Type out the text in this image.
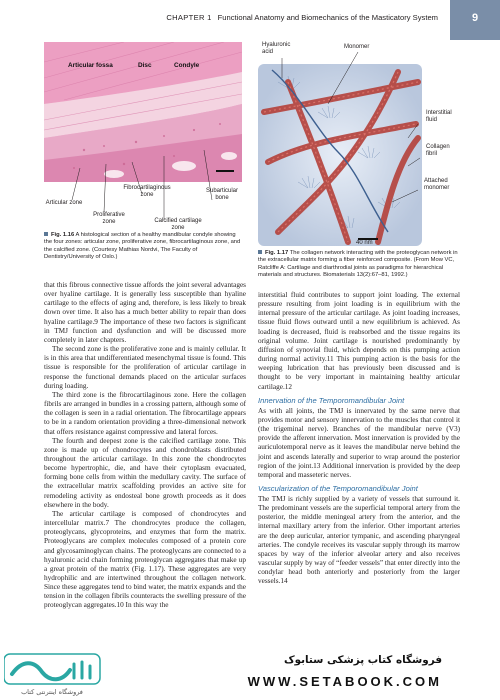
CHAPTER 1 Functional Anatomy and Biomechanics of the Masticatory System	9
Articular fossa	Disc	Condyle
Articular zone
Proliferative zone
Fibrocartilaginous zone
Calcified cartilage zone
Subarticular bone
Fig. 1.16 A histological section of a healthy mandibular condyle showing the four zones: articular zone, proliferative zone, fibrocartilaginous zone, and the calcified zone. (Courtesy Mathias Nordvi, The Faculty of Dentistry/University of Oslo.)
Hyaluronic acid
Monomer
Interstitial fluid
Collagen fibril
Attached monomer
40 nm
Fig. 1.17 The collagen network interacting with the proteoglycan network in the extracellular matrix forming a fiber reinforced composite. (From Mow VC, Ratcliffe A: Cartilage and diarthrodial joints as paradigms for hierarchical materials and structures. Biomaterials 13(2):67–81, 1992.)

that this fibrous connective tissue affords the joint several advantages over hyaline cartilage. It is generally less susceptible than hyaline cartilage to the effects of aging and, therefore, is less likely to break down over time. It also has a much better ability to repair than does hyaline cartilage.9 The importance of these two factors is significant in TMJ function and dysfunction and will be discussed more completely in later chapters.

The second zone is the proliferative zone and is mainly cellular. It is in this area that undifferentiated mesenchymal tissue is found. This tissue is responsible for the proliferation of articular cartilage in response the functional demands placed on the articular surfaces during loading.

The third zone is the fibrocartilaginous zone. Here the collagen fibrils are arranged in bundles in a crossing pattern, although some of the collagen is seen in a radial orientation. The fibrocartilage appears to be in a random orientation providing a three-dimensional network that offers resistance against compressive and lateral forces.

The fourth and deepest zone is the calcified cartilage zone. This zone is made up of chondrocytes and chondroblasts distributed throughout the articular cartilage. In this zone the chondrocytes become hypertrophic, die, and have their cytoplasm evacuated, forming bone cells from within the medullary cavity. The surface of the extracellular matrix scaffolding provides an active site for remodeling activity as endosteal bone growth proceeds as it does elsewhere in the body.

The articular cartilage is composed of chondrocytes and intercellular matrix.7 The chondrocytes produce the collagen, proteoglycans, glycoproteins, and enzymes that form the matrix. Proteoglycans are complex molecules composed of a protein core and glycosaminoglycan chains. The proteoglycans are connected to a hyaluronic acid chain forming proteoglycan aggregates that make up a great protein of the matrix (Fig. 1.17). These aggregates are very hydrophilic and are intertwined throughout the collagen network. Since these aggregates tend to bind water, the matrix expands and the tension in the collagen fibrils counteracts the swelling pressure of the proteoglycan aggregates.10 In this way the

interstitial fluid contributes to support joint loading. The external pressure resulting from joint loading is in equilibrium with the internal pressure of the articular cartilage. As joint loading increases, tissue fluid flows outward until a new equilibrium is achieved. As loading is decreased, fluid is reabsorbed and the tissue regains its original volume. Joint cartilage is nourished predominantly by diffusion of synovial fluid, which depends on this pumping action during normal activity.11 This pumping action is the basis for the weeping lubrication that has previously been discussed and is thought to be very important in maintaining healthy articular cartilage.12

Innervation of the Temporomandibular Joint

As with all joints, the TMJ is innervated by the same nerve that provides motor and sensory innervation to the muscles that control it (the trigeminal nerve). Branches of the mandibular nerve (V3) provide the afferent innervation. Most innervation is provided by the auriculotemporal nerve as it leaves the mandibular nerve behind the joint and ascends laterally and superior to wrap around the posterior region of the joint.13 Additional innervation is provided by the deep temporal and masseteric nerves.

Vascularization of the Temporomandibular Joint

The TMJ is richly supplied by a variety of vessels that surround it. The predominant vessels are the superficial temporal artery from the posterior, the middle meningeal artery from the anterior, and the internal maxillary artery from the inferior. Other important arteries are the deep auricular, anterior tympanic, and ascending pharyngeal arteries. The condyle receives its vascular supply through its marrow spaces by way of the inferior alveolar artery and also receives vascular supply by way of “feeder vessels” that enter directly into the condylar head both anteriorly and posteriorly from the larger vessels.14

فروشگاه اینترنتی کتاب
فروشگاه کتاب پزشکی ستابوک
WWW.SETABOOK.COM
